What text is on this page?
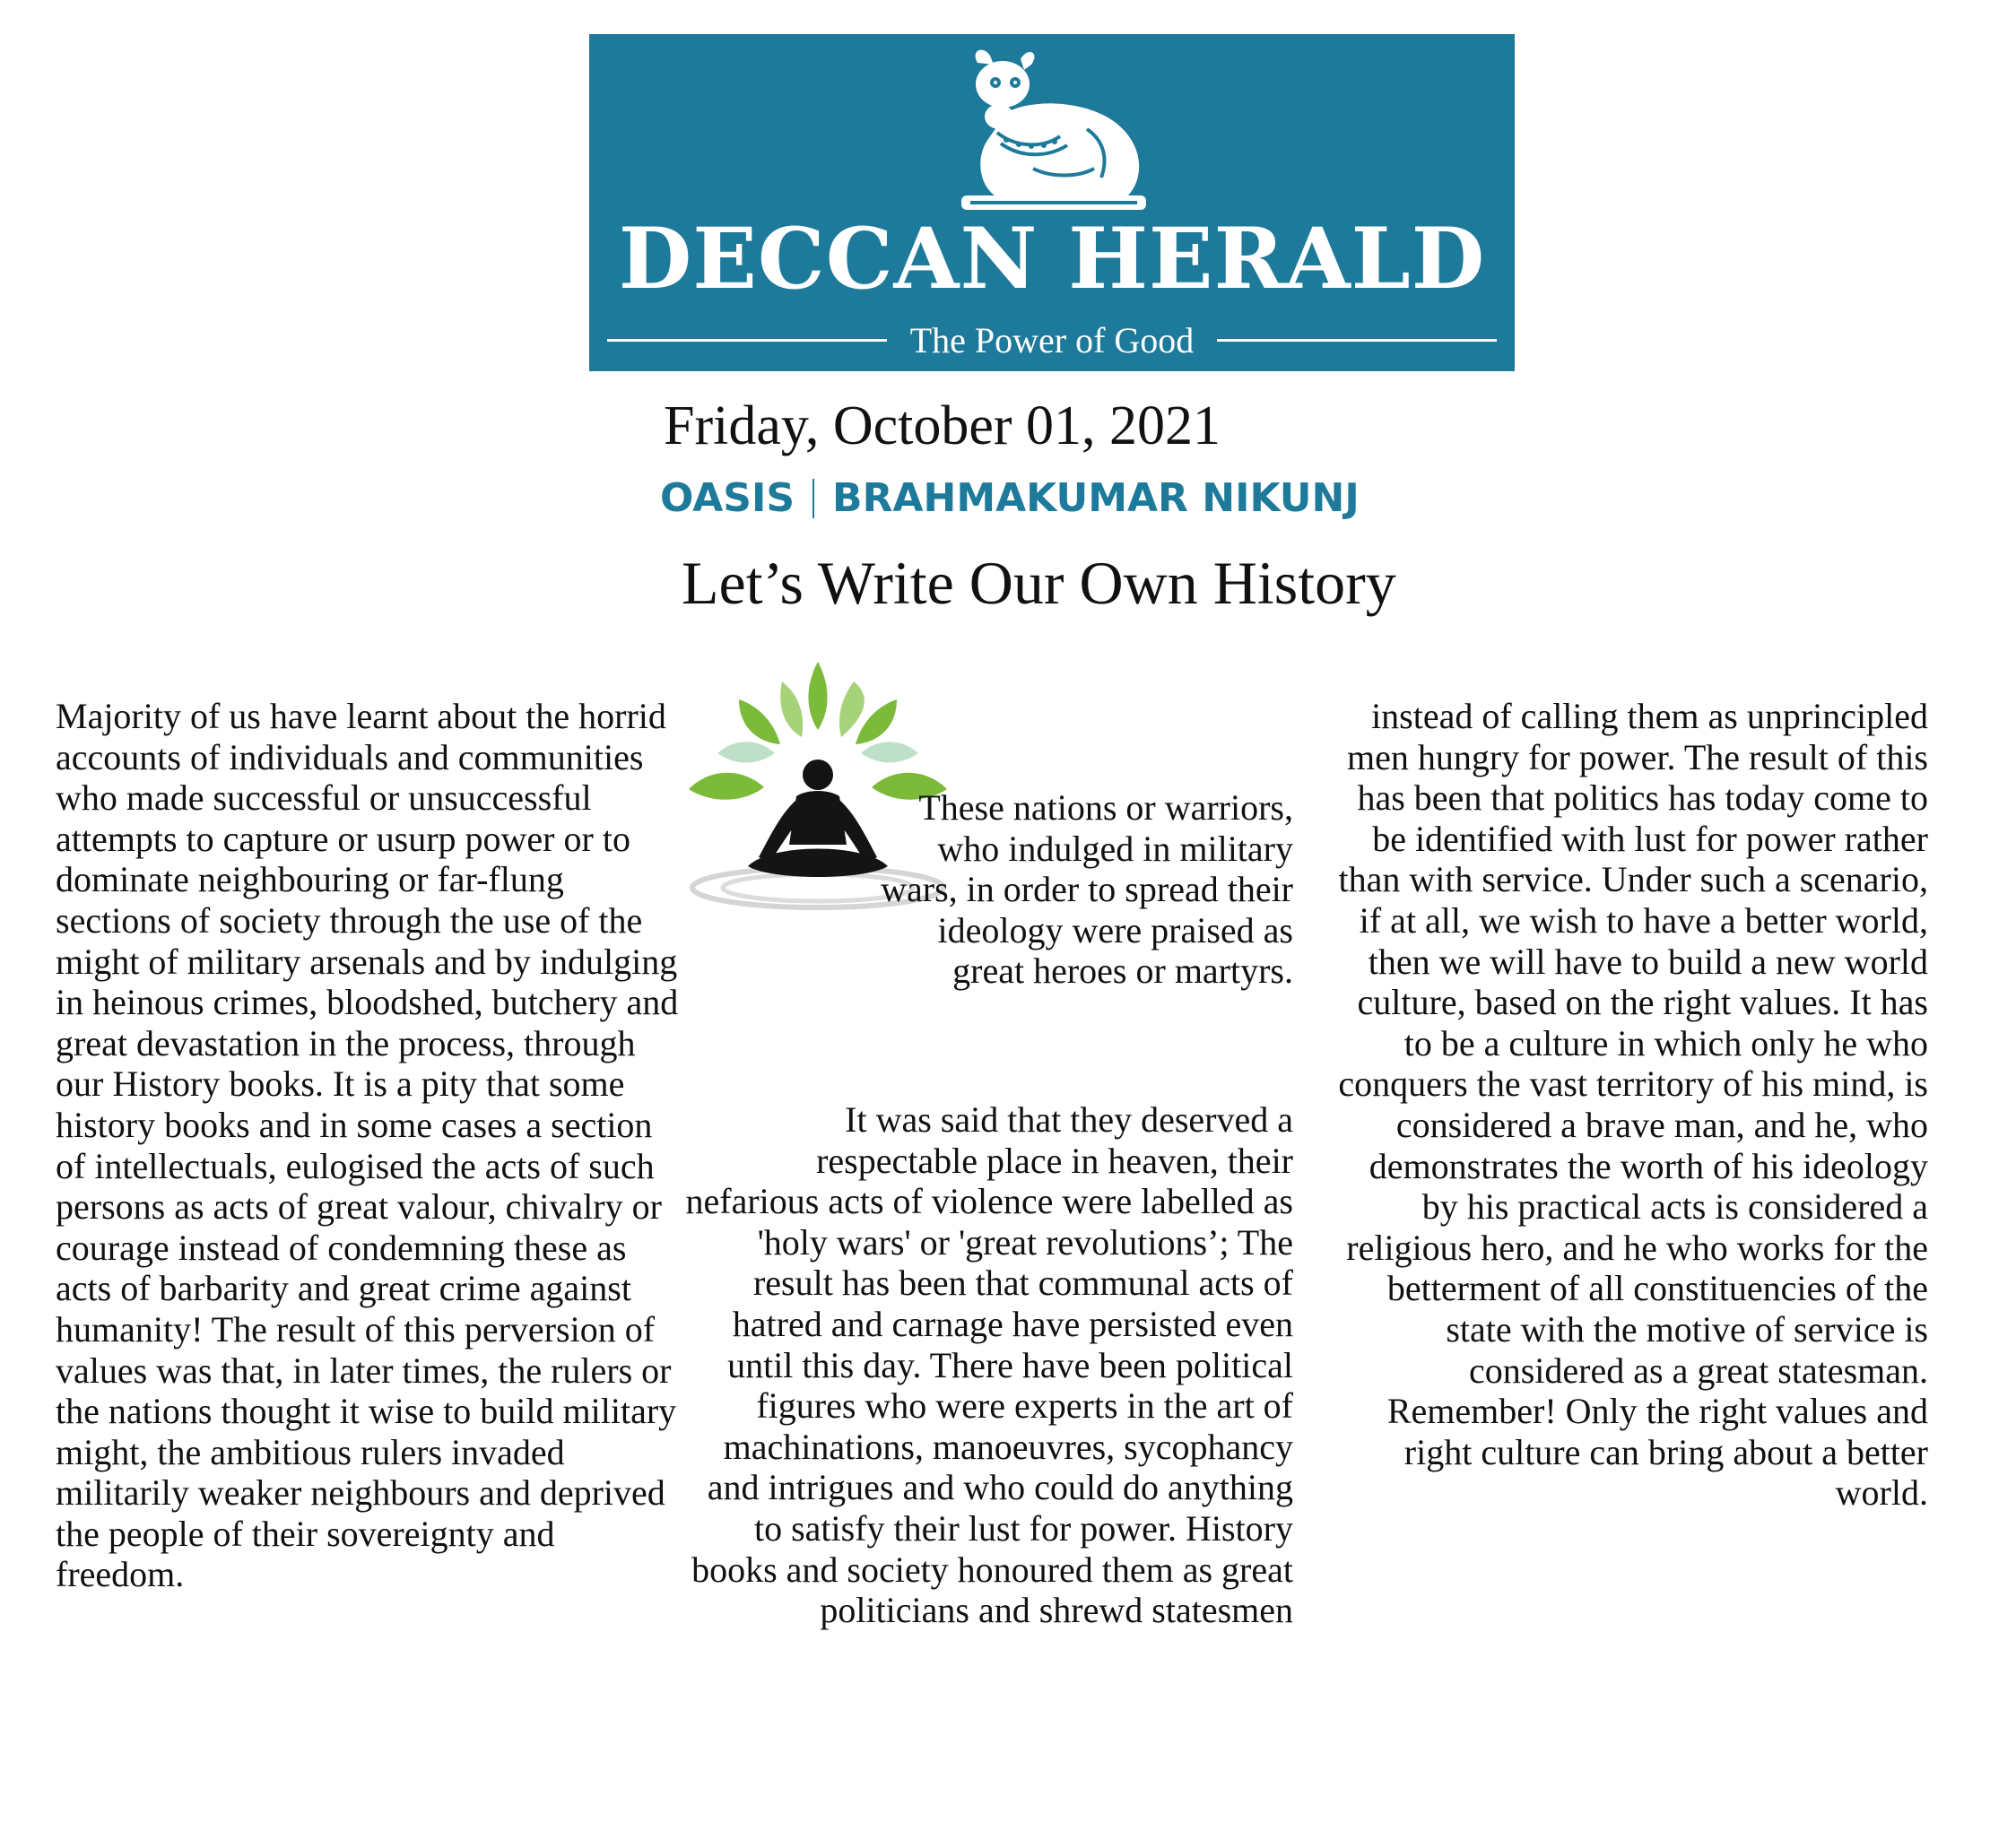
DECCAN HERALD
The Power of Good
Friday, October 01, 2021
OASIS BRAHMAKUMAR NIKUNJ
Let’s Write Our Own History

Majority of us have learnt about the horrid accounts of individuals and communities who made successful or unsuccessful attempts to capture or usurp power or to dominate neighbouring or far-flung sections of society through the use of the might of military arsenals and by indulging in heinous crimes, bloodshed, butchery and great devastation in the process, through our History books. It is a pity that some history books and in some cases a section of intellectuals, eulogised the acts of such persons as acts of great valour, chivalry or courage instead of condemning these as acts of barbarity and great crime against humanity! The result of this perversion of values was that, in later times, the rulers or the nations thought it wise to build military might, the ambitious rulers invaded militarily weaker neighbours and deprived the people of their sovereignty and freedom.

These nations or warriors, who indulged in military wars, in order to spread their ideology were praised as great heroes or martyrs.

It was said that they deserved a respectable place in heaven, their nefarious acts of violence were labelled as 'holy wars' or 'great revolutions’; The result has been that communal acts of hatred and carnage have persisted even until this day. There have been political figures who were experts in the art of machinations, manoeuvres, sycophancy and intrigues and who could do anything to satisfy their lust for power. History books and society honoured them as great politicians and shrewd statesmen

instead of calling them as unprincipled men hungry for power. The result of this has been that politics has today come to be identified with lust for power rather than with service. Under such a scenario, if at all, we wish to have a better world, then we will have to build a new world culture, based on the right values. It has to be a culture in which only he who conquers the vast territory of his mind, is considered a brave man, and he, who demonstrates the worth of his ideology by his practical acts is considered a religious hero, and he who works for the betterment of all constituencies of the state with the motive of service is considered as a great statesman. Remember! Only the right values and right culture can bring about a better world.
